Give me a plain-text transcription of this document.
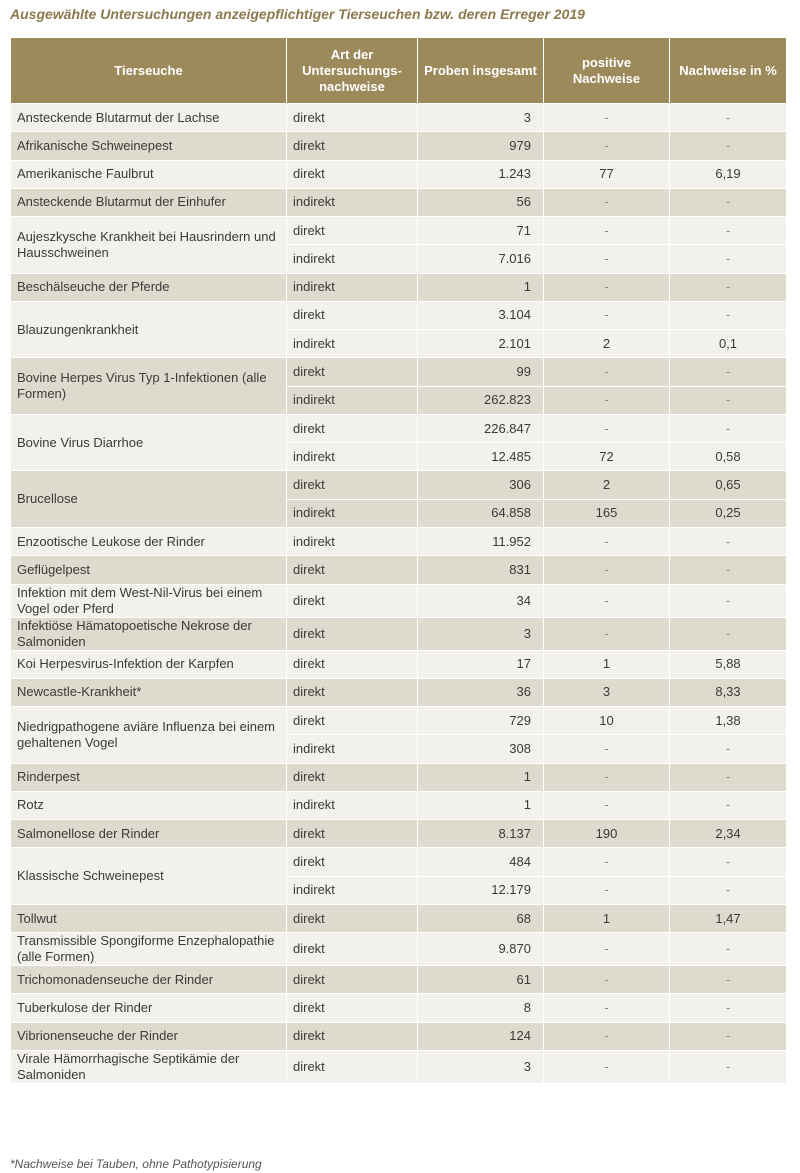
Ausgewählte Untersuchungen anzeigepflichtiger Tierseuchen bzw. deren Erreger 2019
Tierseuche	Art der Untersuchungs- nachweise	Proben insgesamt	positive Nachweise	Nachweise in %
Ansteckende Blutarmut der Lachse	direkt	3	-	-
Afrikanische Schweinepest	direkt	979	-	-
Amerikanische Faulbrut	direkt	1.243	77	6,19
Ansteckende Blutarmut der Einhufer	indirekt	56	-	-
Aujeszkysche Krankheit bei Hausrindern und Hausschweinen	direkt	71	-	-
	indirekt	7.016	-	-
Beschälseuche der Pferde	indirekt	1	-	-
Blauzungenkrankheit	direkt	3.104	-	-
	indirekt	2.101	2	0,1
Bovine Herpes Virus Typ 1-Infektionen (alle Formen)	direkt	99	-	-
	indirekt	262.823	-	-
Bovine Virus Diarrhoe	direkt	226.847	-	-
	indirekt	12.485	72	0,58
Brucellose	direkt	306	2	0,65
	indirekt	64.858	165	0,25
Enzootische Leukose der Rinder	indirekt	11.952	-	-
Geflügelpest	direkt	831	-	-
Infektion mit dem West-Nil-Virus bei einem Vogel oder Pferd	direkt	34	-	-
Infektiöse Hämatopoetische Nekrose der Salmoniden	direkt	3	-	-
Koi Herpesvirus-Infektion der Karpfen	direkt	17	1	5,88
Newcastle-Krankheit*	direkt	36	3	8,33
Niedrigpathogene aviäre Influenza bei einem gehaltenen Vogel	direkt	729	10	1,38
	indirekt	308	-	-
Rinderpest	direkt	1	-	-
Rotz	indirekt	1	-	-
Salmonellose der Rinder	direkt	8.137	190	2,34
Klassische Schweinepest	direkt	484	-	-
	indirekt	12.179	-	-
Tollwut	direkt	68	1	1,47
Transmissible Spongiforme Enzephalopathie (alle Formen)	direkt	9.870	-	-
Trichomonadenseuche der Rinder	direkt	61	-	-
Tuberkulose der Rinder	direkt	8	-	-
Vibrionenseuche der Rinder	direkt	124	-	-
Virale Hämorrhagische Septikämie der Salmoniden	direkt	3	-	-
*Nachweise bei Tauben, ohne Pathotypisierung
